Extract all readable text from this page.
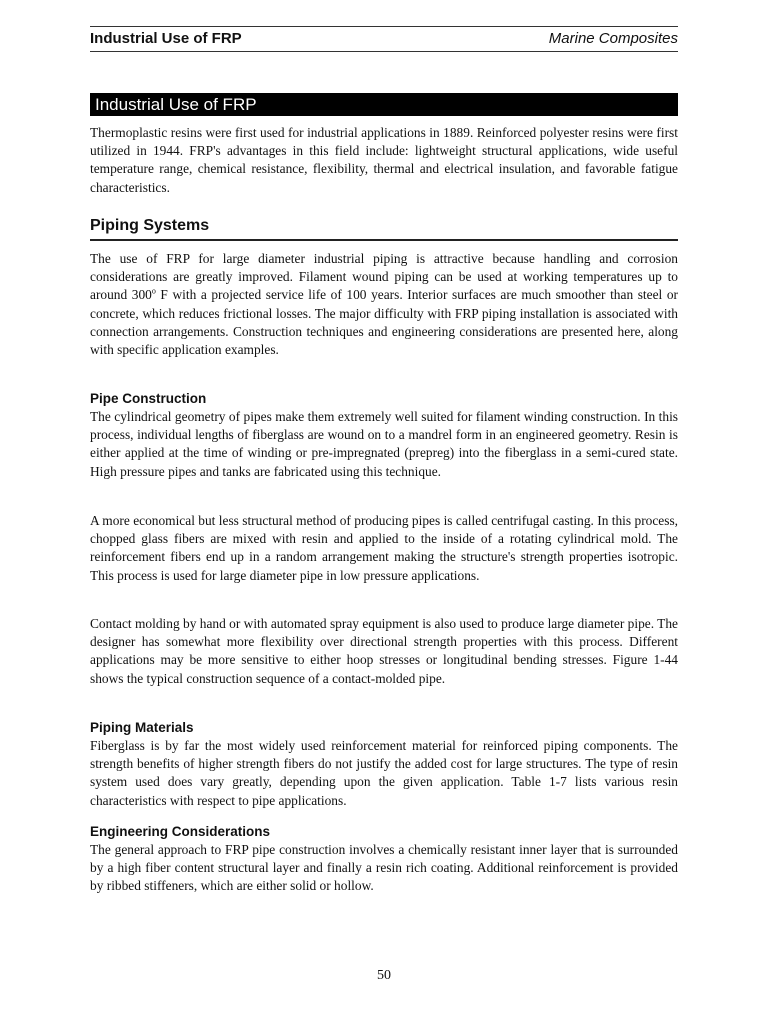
Industrial Use of FRP	Marine Composites
Industrial Use of FRP

Thermoplastic resins were first used for industrial applications in 1889. Reinforced polyester resins were first utilized in 1944. FRP's advantages in this field include: lightweight structural applications, wide useful temperature range, chemical resistance, flexibility, thermal and electrical insulation, and favorable fatigue characteristics.

Piping Systems

The use of FRP for large diameter industrial piping is attractive because handling and corrosion considerations are greatly improved. Filament wound piping can be used at working temperatures up to around 300$^o$ F with a projected service life of 100 years. Interior surfaces are much smoother than steel or concrete, which reduces frictional losses. The major difficulty with FRP piping installation is associated with connection arrangements. Construction techniques and engineering considerations are presented here, along with specific application examples.

Pipe Construction

The cylindrical geometry of pipes make them extremely well suited for filament winding construction. In this process, individual lengths of fiberglass are wound on to a mandrel form in an engineered geometry. Resin is either applied at the time of winding or pre-impregnated (prepreg) into the fiberglass in a semi-cured state. High pressure pipes and tanks are fabricated using this technique.

A more economical but less structural method of producing pipes is called centrifugal casting. In this process, chopped glass fibers are mixed with resin and applied to the inside of a rotating cylindrical mold. The reinforcement fibers end up in a random arrangement making the structure's strength properties isotropic. This process is used for large diameter pipe in low pressure applications.

Contact molding by hand or with automated spray equipment is also used to produce large diameter pipe. The designer has somewhat more flexibility over directional strength properties with this process. Different applications may be more sensitive to either hoop stresses or longitudinal bending stresses. Figure 1-44 shows the typical construction sequence of a contact-molded pipe.

Piping Materials

Fiberglass is by far the most widely used reinforcement material for reinforced piping components. The strength benefits of higher strength fibers do not justify the added cost for large structures. The type of resin system used does vary greatly, depending upon the given application. Table 1-7 lists various resin characteristics with respect to pipe applications.

Engineering Considerations

The general approach to FRP pipe construction involves a chemically resistant inner layer that is surrounded by a high fiber content structural layer and finally a resin rich coating. Additional reinforcement is provided by ribbed stiffeners, which are either solid or hollow.

50
